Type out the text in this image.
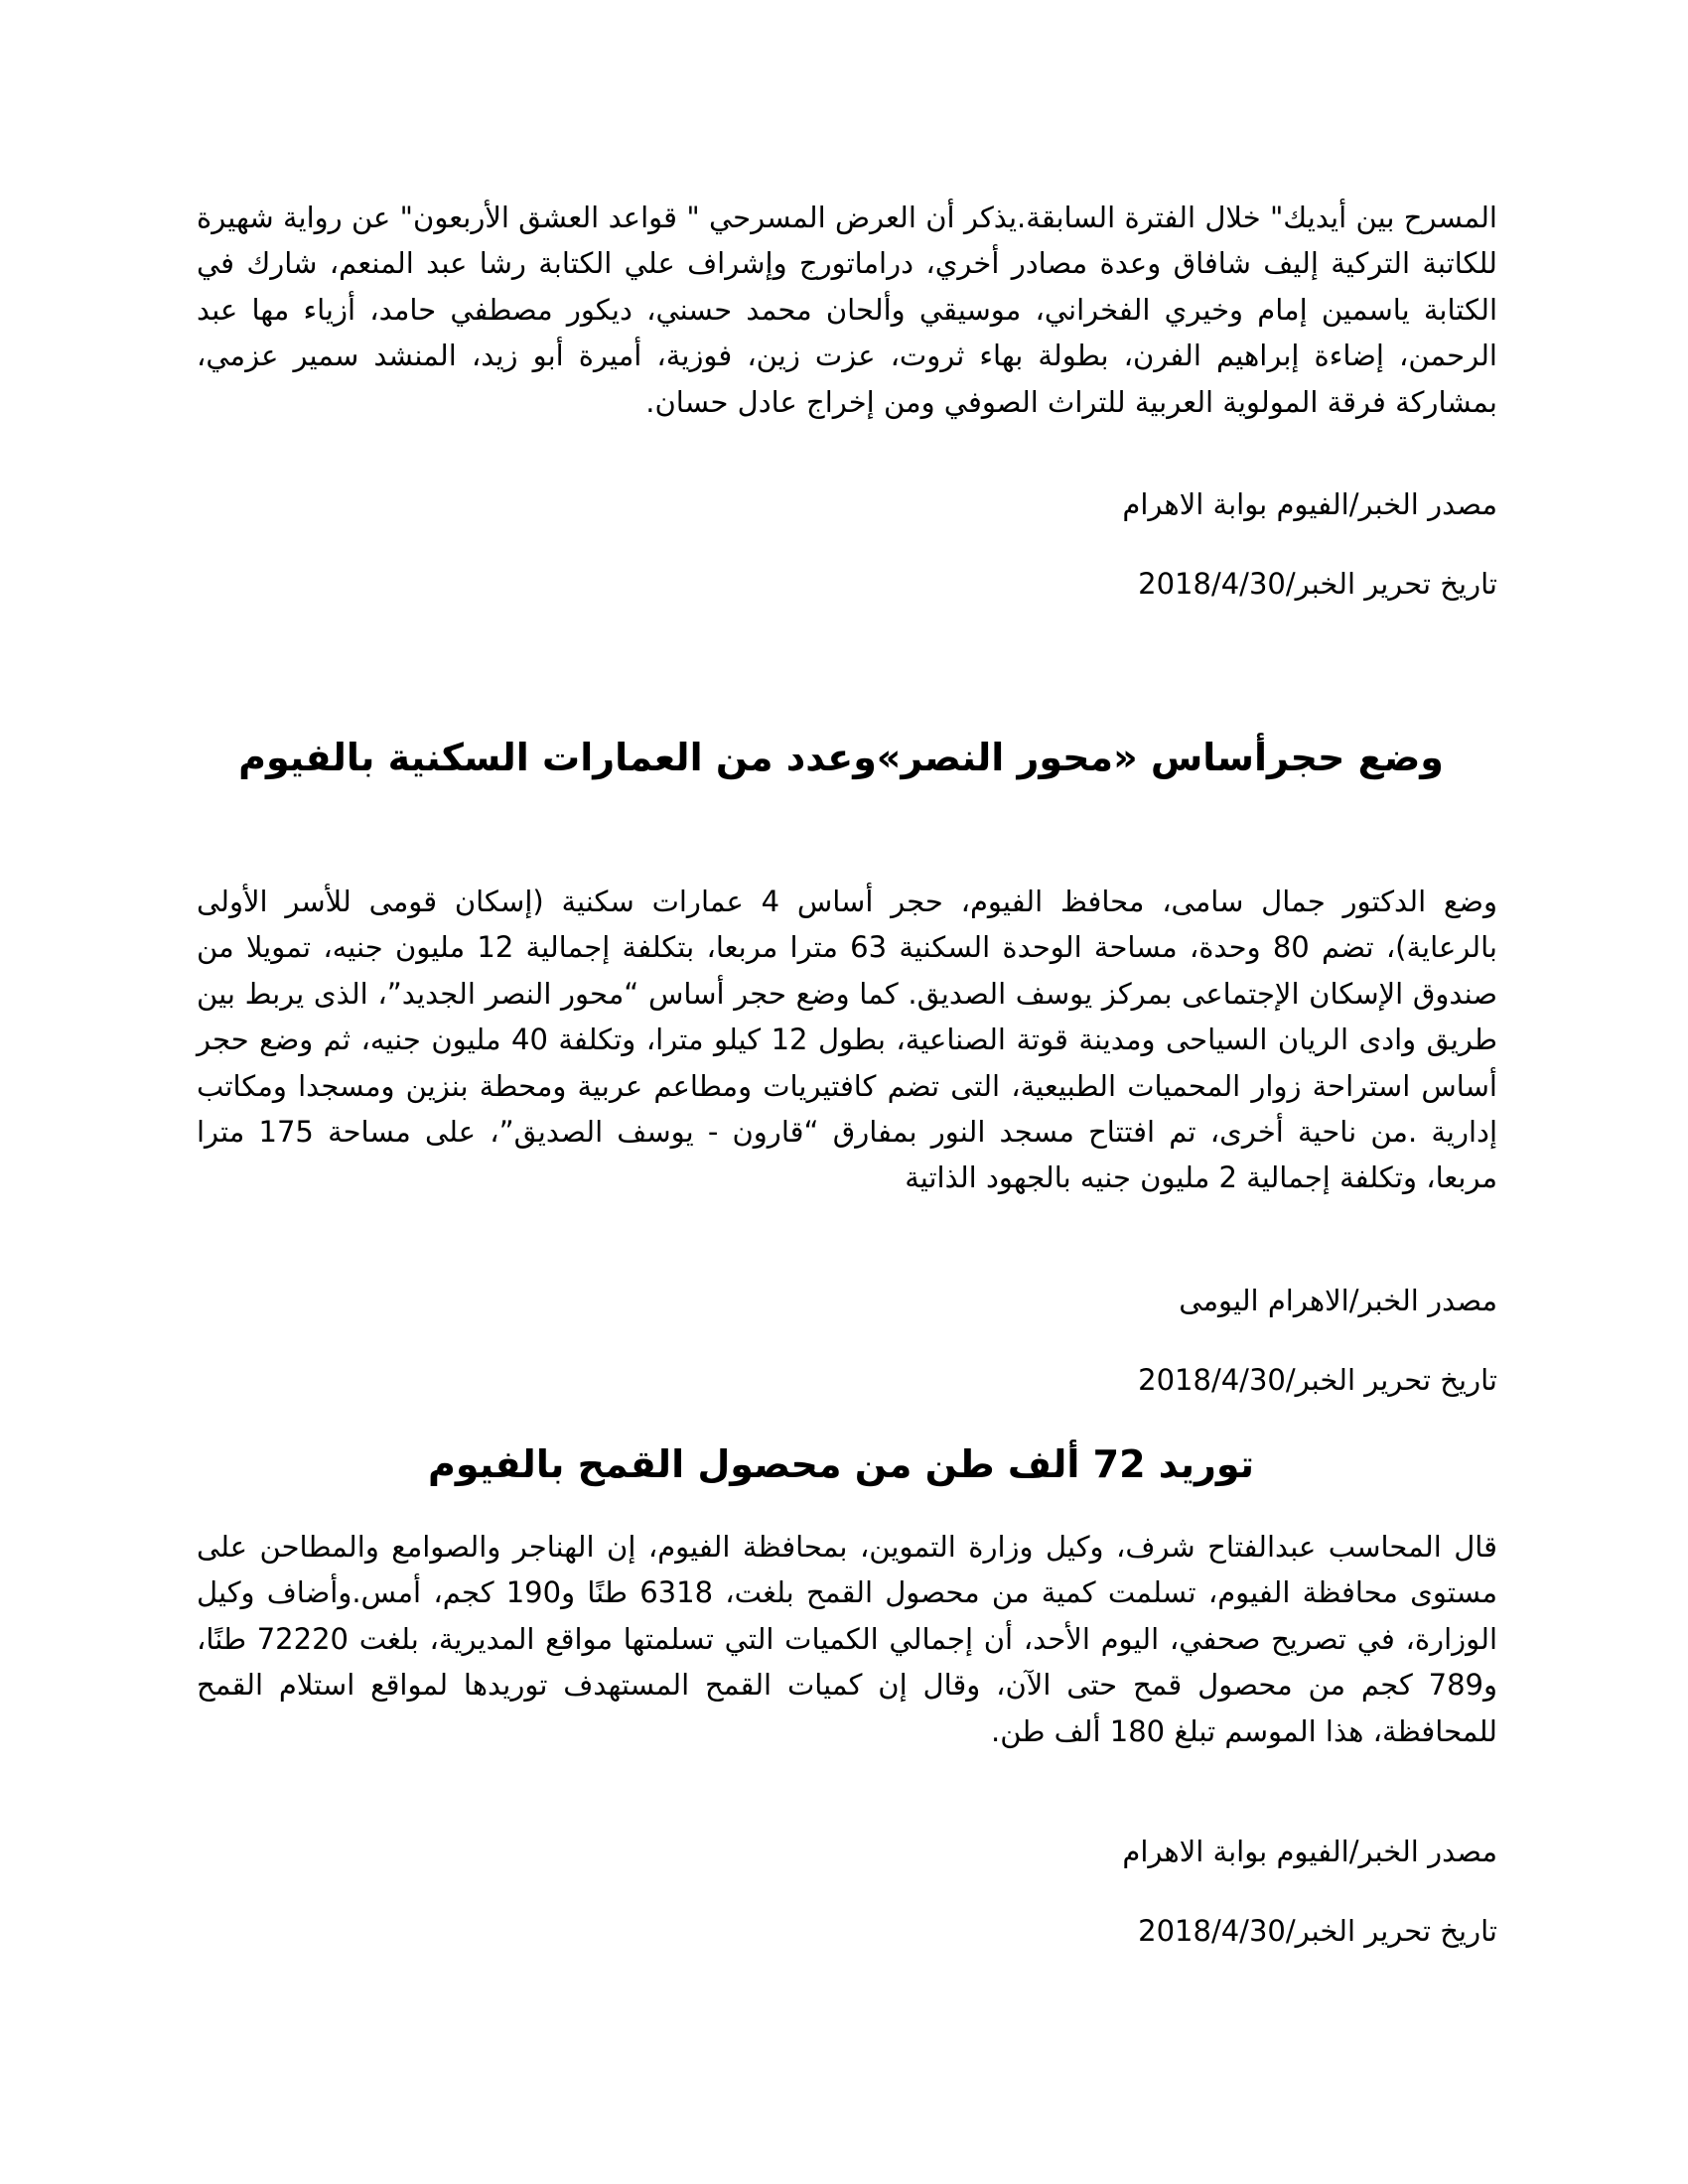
المسرح بين أيديك" خلال الفترة السابقة.يذكر أن العرض المسرحي " قواعد العشق الأربعون" عن رواية شهيرة للكاتبة التركية إليف شافاق وعدة مصادر أخري، دراماتورج وإشراف علي الكتابة رشا عبد المنعم، شارك في الكتابة ياسمين إمام وخيري الفخراني، موسيقي وألحان محمد حسني، ديكور مصطفي حامد، أزياء مها عبد الرحمن، إضاءة إبراهيم الفرن، بطولة بهاء ثروت، عزت زين، فوزية، أميرة أبو زيد، المنشد سمير عزمي، بمشاركة فرقة المولوية العربية للتراث الصوفي ومن إخراج عادل حسان.

مصدر الخبر/الفيوم بوابة الاهرام

تاريخ تحرير الخبر/2018/4/30

وضع حجرأساس «محور النصر»وعدد من العمارات السكنية بالفيوم

وضع الدكتور جمال سامى، محافظ الفيوم، حجر أساس 4 عمارات سكنية (إسكان قومى للأسر الأولى بالرعاية)، تضم 80 وحدة، مساحة الوحدة السكنية 63 مترا مربعا، بتكلفة إجمالية 12 مليون جنيه، تمويلا من صندوق الإسكان الإجتماعى بمركز يوسف الصديق. كما وضع حجر أساس “محور النصر الجديد”، الذى يربط بين طريق وادى الريان السياحى ومدينة قوتة الصناعية، بطول 12 كيلو مترا، وتكلفة 40 مليون جنيه، ثم وضع حجر أساس استراحة زوار المحميات الطبيعية، التى تضم كافتيريات ومطاعم عربية ومحطة بنزين ومسجدا ومكاتب إدارية .من ناحية أخرى، تم افتتاح مسجد النور بمفارق “قارون - يوسف الصديق”، على مساحة 175 مترا مربعا، وتكلفة إجمالية 2 مليون جنيه بالجهود الذاتية

مصدر الخبر/الاهرام اليومى

تاريخ تحرير الخبر/2018/4/30

توريد 72 ألف طن من محصول القمح بالفيوم

قال المحاسب عبدالفتاح شرف، وكيل وزارة التموين، بمحافظة الفيوم، إن الهناجر والصوامع والمطاحن على مستوى محافظة الفيوم، تسلمت كمية من محصول القمح بلغت، 6318 طنًا و190 كجم، أمس.وأضاف وكيل الوزارة، في تصريح صحفي، اليوم الأحد، أن إجمالي الكميات التي تسلمتها مواقع المديرية، بلغت 72220 طنًا، و789 كجم من محصول قمح حتى الآن، وقال إن كميات القمح المستهدف توريدها لمواقع استلام القمح للمحافظة، هذا الموسم تبلغ 180 ألف طن.

مصدر الخبر/الفيوم بوابة الاهرام

تاريخ تحرير الخبر/2018/4/30
